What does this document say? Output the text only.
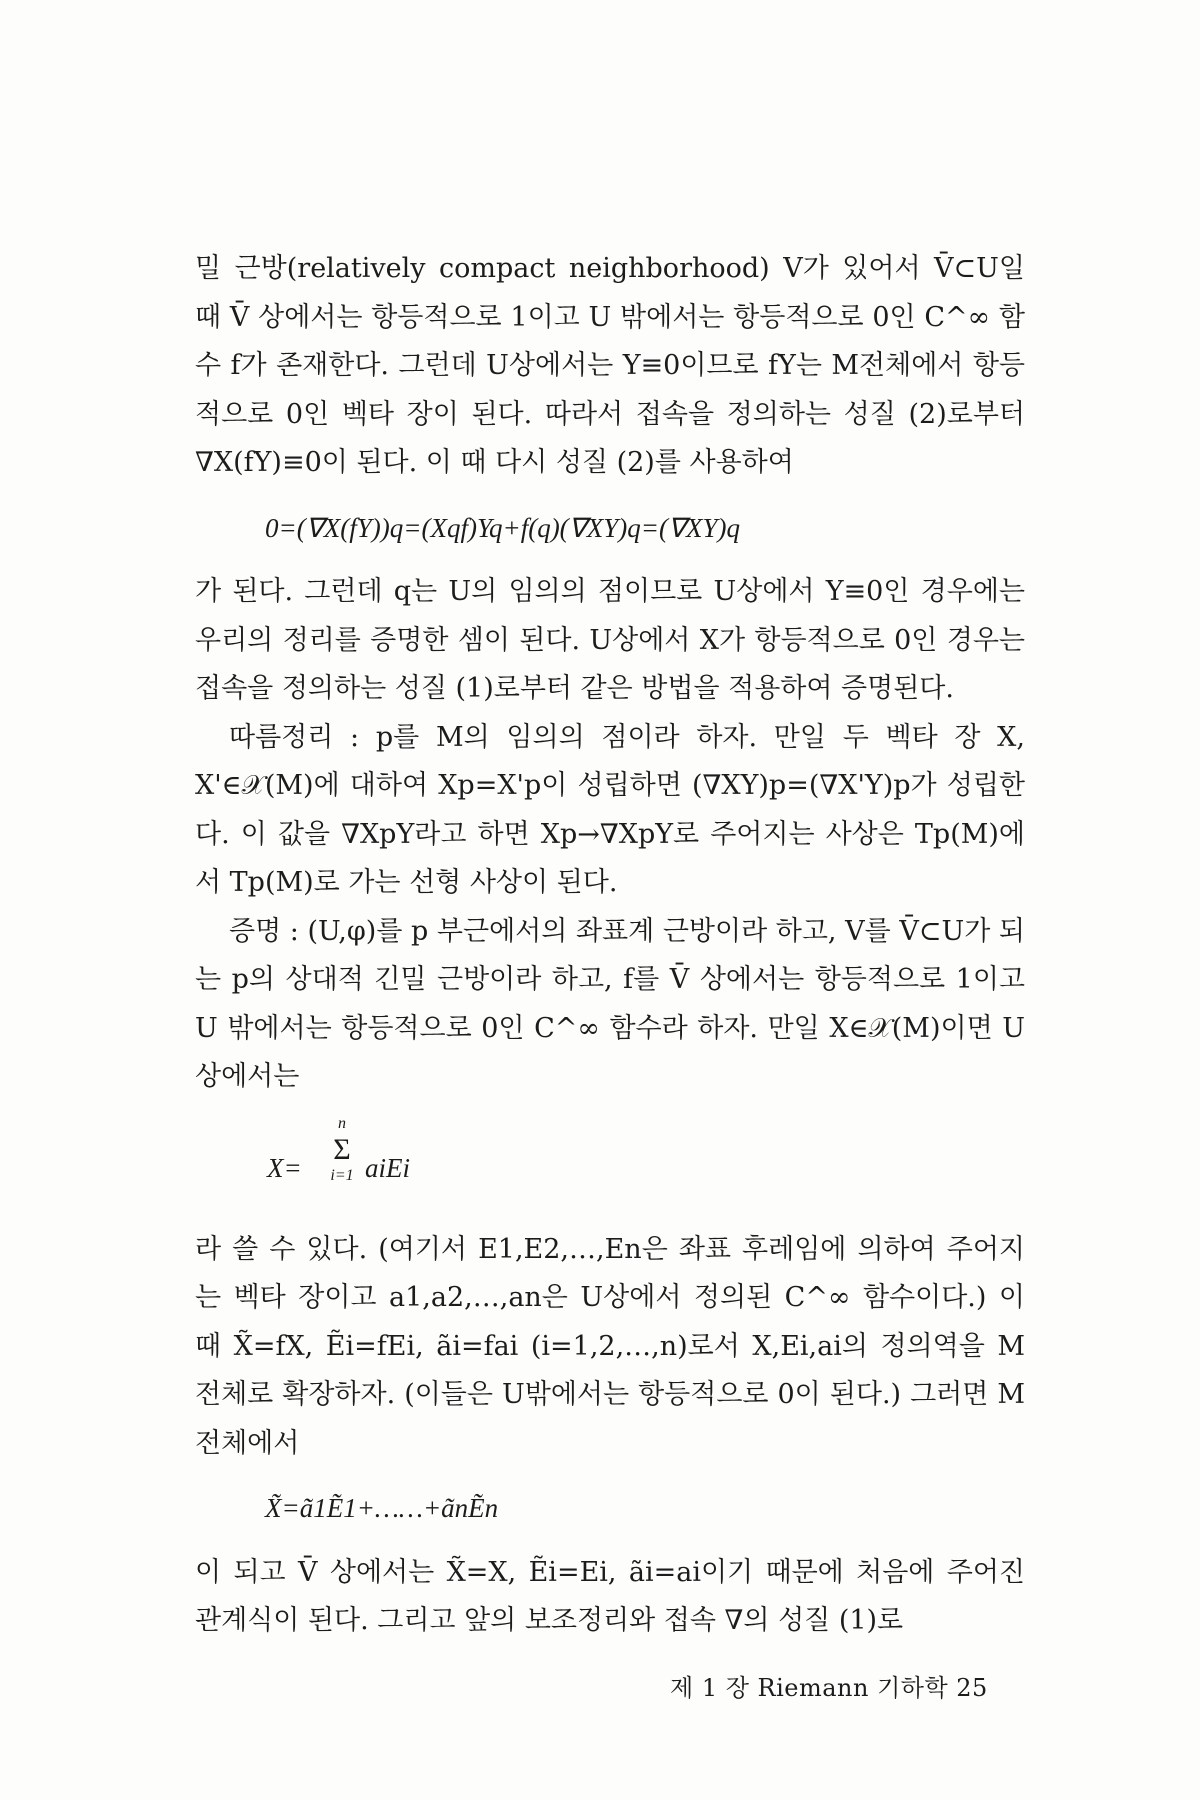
밀 근방(relatively compact neighborhood) V가 있어서 V̄⊂U일 때 V̄ 상에서는 항등적으로 1이고 U 밖에서는 항등적으로 0인 C^∞ 함수 f가 존재한다. 그런데 U상에서는 Y≡0이므로 fY는 M전체에서 항등적으로 0인 벡타 장이 된다. 따라서 접속을 정의하는 성질 (2)로부터 ∇X(fY)≡0이 된다. 이 때 다시 성질 (2)를 사용하여

0=(∇X(fY))q=(Xqf)Yq+f(q)(∇XY)q=(∇XY)q

가 된다. 그런데 q는 U의 임의의 점이므로 U상에서 Y≡0인 경우에는 우리의 정리를 증명한 셈이 된다. U상에서 X가 항등적으로 0인 경우는 접속을 정의하는 성질 (1)로부터 같은 방법을 적용하여 증명된다.

따름정리 : p를 M의 임의의 점이라 하자. 만일 두 벡타 장 X, X'∈𝒳(M)에 대하여 Xp=X'p이 성립하면 (∇XY)p=(∇X'Y)p가 성립한다. 이 값을 ∇XpY라고 하면 Xp→∇XpY로 주어지는 사상은 Tp(M)에서 Tp(M)로 가는 선형 사상이 된다.

증명 : (U,φ)를 p 부근에서의 좌표계 근방이라 하고, V를 V̄⊂U가 되는 p의 상대적 긴밀 근방이라 하고, f를 V̄ 상에서는 항등적으로 1이고 U 밖에서는 항등적으로 0인 C^∞ 함수라 하자. 만일 X∈𝒳(M)이면 U상에서는

X=
n
Σ
i=1 aiEi

라 쓸 수 있다. (여기서 E1,E2,…,En은 좌표 후레임에 의하여 주어지는 벡타 장이고 a1,a2,…,an은 U상에서 정의된 C^∞ 함수이다.) 이 때 X̃=fX, Ẽi=fEi, ãi=fai (i=1,2,…,n)로서 X,Ei,ai의 정의역을 M 전체로 확장하자. (이들은 U밖에서는 항등적으로 0이 된다.) 그러면 M 전체에서

X̃=ã1Ẽ1+……+ãnẼn

이 되고 V̄ 상에서는 X̃=X, Ẽi=Ei, ãi=ai이기 때문에 처음에 주어진 관계식이 된다. 그리고 앞의 보조정리와 접속 ∇의 성질 (1)로

제 1 장 Riemann 기하학 25
